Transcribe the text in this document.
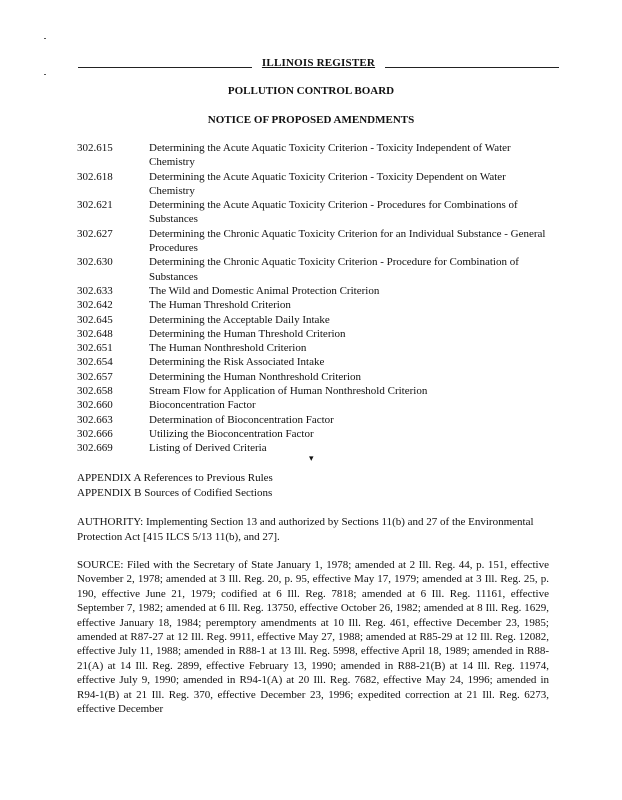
ILLINOIS REGISTER
POLLUTION CONTROL BOARD
NOTICE OF PROPOSED AMENDMENTS
302.615	Determining the Acute Aquatic Toxicity Criterion - Toxicity Independent of Water Chemistry
302.618	Determining the Acute Aquatic Toxicity Criterion - Toxicity Dependent on Water Chemistry
302.621	Determining the Acute Aquatic Toxicity Criterion - Procedures for Combinations of Substances
302.627	Determining the Chronic Aquatic Toxicity Criterion for an Individual Substance - General Procedures
302.630	Determining the Chronic Aquatic Toxicity Criterion - Procedure for Combination of Substances
302.633	The Wild and Domestic Animal Protection Criterion
302.642	The Human Threshold Criterion
302.645	Determining the Acceptable Daily Intake
302.648	Determining the Human Threshold Criterion
302.651	The Human Nonthreshold Criterion
302.654	Determining the Risk Associated Intake
302.657	Determining the Human Nonthreshold Criterion
302.658	Stream Flow for Application of Human Nonthreshold Criterion
302.660	Bioconcentration Factor
302.663	Determination of Bioconcentration Factor
302.666	Utilizing the Bioconcentration Factor
302.669	Listing of Derived Criteria
▾

APPENDIX A References to Previous Rules

APPENDIX B Sources of Codified Sections

AUTHORITY: Implementing Section 13 and authorized by Sections 11(b) and 27 of the Environmental Protection Act [415 ILCS 5/13 11(b), and 27].

SOURCE: Filed with the Secretary of State January 1, 1978; amended at 2 Ill. Reg. 44, p. 151, effective November 2, 1978; amended at 3 Ill. Reg. 20, p. 95, effective May 17, 1979; amended at 3 Ill. Reg. 25, p. 190, effective June 21, 1979; codified at 6 Ill. Reg. 7818; amended at 6 Ill. Reg. 11161, effective September 7, 1982; amended at 6 Ill. Reg. 13750, effective October 26, 1982; amended at 8 Ill. Reg. 1629, effective January 18, 1984; peremptory amendments at 10 Ill. Reg. 461, effective December 23, 1985; amended at R87-27 at 12 Ill. Reg. 9911, effective May 27, 1988; amended at R85-29 at 12 Ill. Reg. 12082, effective July 11, 1988; amended in R88-1 at 13 Ill. Reg. 5998, effective April 18, 1989; amended in R88-21(A) at 14 Ill. Reg. 2899, effective February 13, 1990; amended in R88-21(B) at 14 Ill. Reg. 11974, effective July 9, 1990; amended in R94-1(A) at 20 Ill. Reg. 7682, effective May 24, 1996; amended in R94-1(B) at 21 Ill. Reg. 370, effective December 23, 1996; expedited correction at 21 Ill. Reg. 6273, effective December
